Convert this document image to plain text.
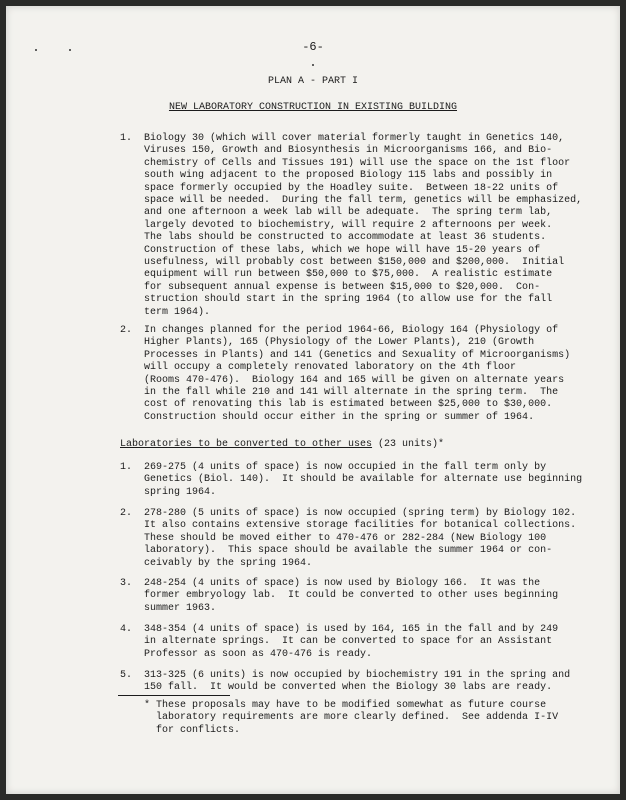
-6-
PLAN A - PART I
NEW LABORATORY CONSTRUCTION IN EXISTING BUILDING
1. Biology 30 (which will cover material formerly taught in Genetics 140,
Viruses 150, Growth and Biosynthesis in Microorganisms 166, and Bio-
chemistry of Cells and Tissues 191) will use the space on the 1st floor
south wing adjacent to the proposed Biology 115 labs and possibly in
space formerly occupied by the Hoadley suite.  Between 18-22 units of
space will be needed.  During the fall term, genetics will be emphasized,
and one afternoon a week lab will be adequate.  The spring term lab,
largely devoted to biochemistry, will require 2 afternoons per week.
The labs should be constructed to accommodate at least 36 students.
Construction of these labs, which we hope will have 15-20 years of
usefulness, will probably cost between $150,000 and $200,000.  Initial
equipment will run between $50,000 to $75,000.  A realistic estimate
for subsequent annual expense is between $15,000 to $20,000.  Con-
struction should start in the spring 1964 (to allow use for the fall
term 1964).
2. In changes planned for the period 1964-66, Biology 164 (Physiology of
Higher Plants), 165 (Physiology of the Lower Plants), 210 (Growth
Processes in Plants) and 141 (Genetics and Sexuality of Microorganisms)
will occupy a completely renovated laboratory on the 4th floor
(Rooms 470-476).  Biology 164 and 165 will be given on alternate years
in the fall while 210 and 141 will alternate in the spring term.  The
cost of renovating this lab is estimated between $25,000 to $30,000.
Construction should occur either in the spring or summer of 1964.
Laboratories to be converted to other uses (23 units)*
1. 269-275 (4 units of space) is now occupied in the fall term only by
Genetics (Biol. 140).  It should be available for alternate use beginning
spring 1964.
2. 278-280 (5 units of space) is now occupied (spring term) by Biology 102.
It also contains extensive storage facilities for botanical collections.
These should be moved either to 470-476 or 282-284 (New Biology 100
laboratory).  This space should be available the summer 1964 or con-
ceivably by the spring 1964.
3. 248-254 (4 units of space) is now used by Biology 166.  It was the
former embryology lab.  It could be converted to other uses beginning
summer 1963.
4. 348-354 (4 units of space) is used by 164, 165 in the fall and by 249
in alternate springs.  It can be converted to space for an Assistant
Professor as soon as 470-476 is ready.
5. 313-325 (6 units) is now occupied by biochemistry 191 in the spring and
150 fall.  It would be converted when the Biology 30 labs are ready.
* These proposals may have to be modified somewhat as future course
laboratory requirements are more clearly defined.  See addenda I-IV
for conflicts.
